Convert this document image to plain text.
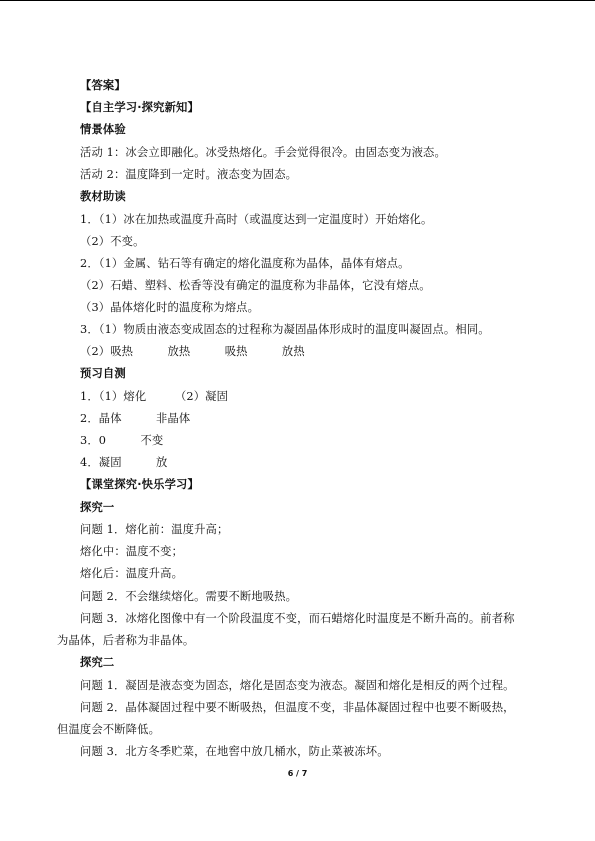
【答案】
【自主学习·探究新知】
情景体验
活动 1：冰会立即融化。冰受热熔化。手会觉得很冷。由固态变为液态。
活动 2：温度降到一定时。液态变为固态。
教材助读
1．（1）冰在加热或温度升高时（或温度达到一定温度时）开始熔化。
（2）不变。
2．（1）金属、钻石等有确定的熔化温度称为晶体，晶体有熔点。
（2）石蜡、塑料、松香等没有确定的温度称为非晶体，它没有熔点。
（3）晶体熔化时的温度称为熔点。
3．（1）物质由液态变成固态的过程称为凝固晶体形成时的温度叫凝固点。相同。
（2）吸热　　　放热　　　吸热　　　放热
预习自测
1．（1）熔化　　　（2）凝固
2．晶体　　　非晶体
3．0　　　不变
4．凝固　　　放
【课堂探究·快乐学习】
探究一
问题 1．熔化前：温度升高；
熔化中：温度不变；
熔化后：温度升高。
问题 2．不会继续熔化。需要不断地吸热。
问题 3．冰熔化图像中有一个阶段温度不变，而石蜡熔化时温度是不断升高的。前者称
为晶体，后者称为非晶体。
探究二
问题 1．凝固是液态变为固态，熔化是固态变为液态。凝固和熔化是相反的两个过程。
问题 2．晶体凝固过程中要不断吸热，但温度不变，非晶体凝固过程中也要不断吸热，
但温度会不断降低。
问题 3．北方冬季贮菜，在地窖中放几桶水，防止菜被冻坏。
6 / 7
